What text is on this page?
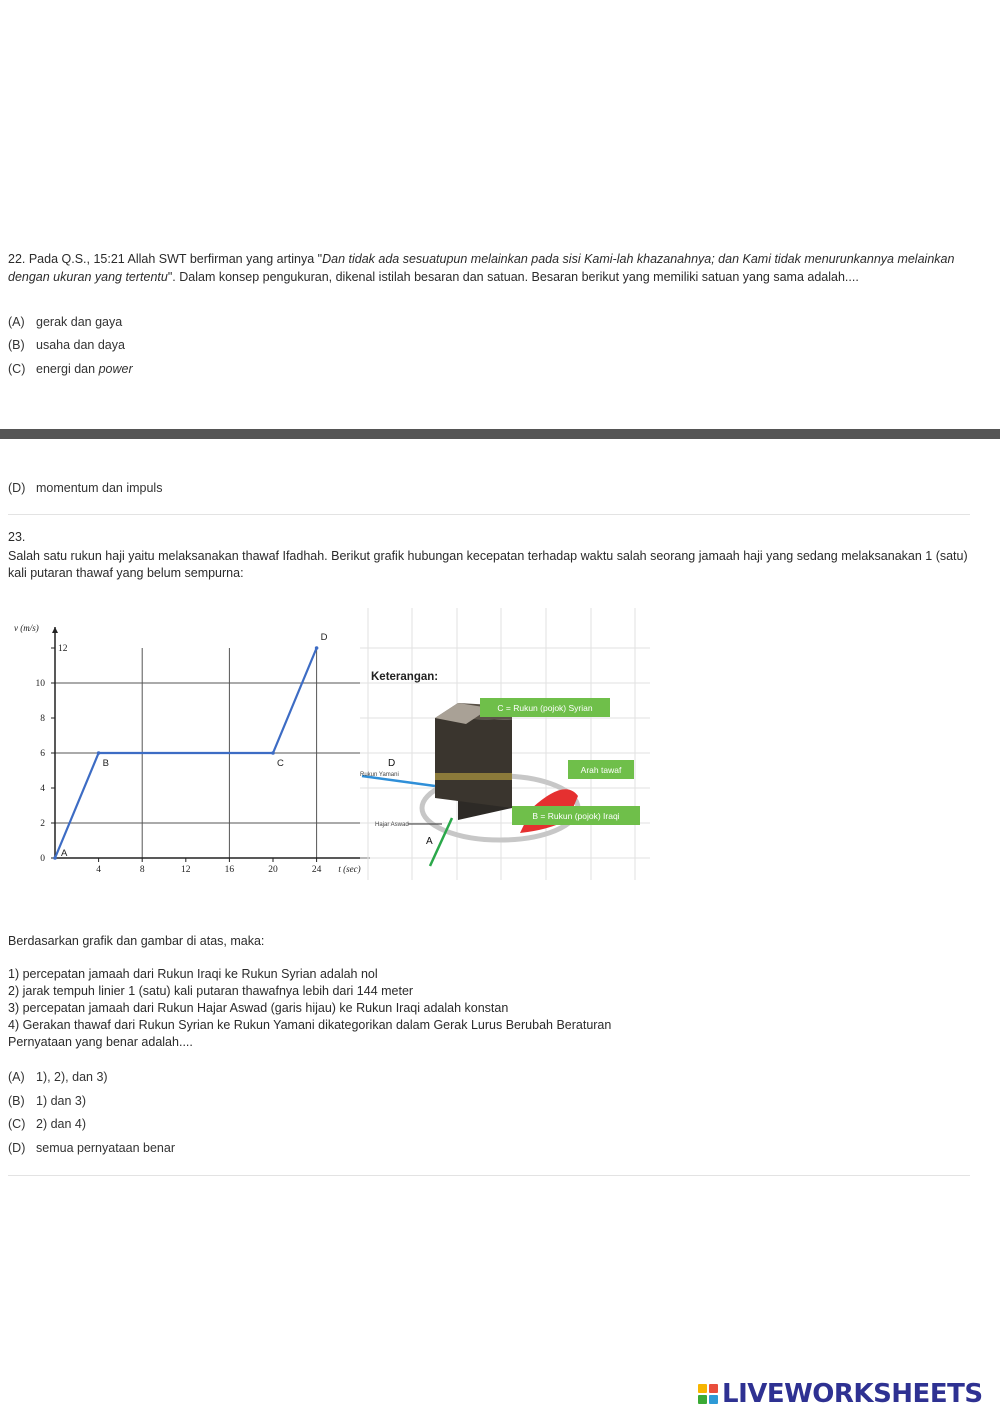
22. Pada Q.S., 15:21 Allah SWT berfirman yang artinya "Dan tidak ada sesuatupun melainkan pada sisi Kami-lah khazanahnya; dan Kami tidak menurunkannya melainkan dengan ukuran yang tertentu". Dalam konsep pengukuran, dikenal istilah besaran dan satuan. Besaran berikut yang memiliki satuan yang sama adalah....
(A) gerak dan gaya
(B) usaha dan daya
(C) energi dan power
(D) momentum dan impuls
23.
Salah satu rukun haji yaitu melaksanakan thawaf Ifadhah. Berikut grafik hubungan kecepatan terhadap waktu salah seorang jamaah haji yang sedang melaksanakan 1 (satu) kali putaran thawaf yang belum sempurna:
v (m/s)
t (sec)
0
2
4
6
8
10
12
4	8	12	16	20	24
A
B	C
D
Keterangan:
D
Rukun Yamani
Hajar Aswad
A
C = Rukun (pojok) Syrian
Arah tawaf
B = Rukun (pojok) Iraqi
Berdasarkan grafik dan gambar di atas, maka:
1) percepatan jamaah dari Rukun Iraqi ke Rukun Syrian adalah nol
2) jarak tempuh linier 1 (satu) kali putaran thawafnya lebih dari 144 meter
3) percepatan jamaah dari Rukun Hajar Aswad (garis hijau) ke Rukun Iraqi adalah konstan
4) Gerakan thawaf dari Rukun Syrian ke Rukun Yamani dikategorikan dalam Gerak Lurus Berubah Beraturan
Pernyataan yang benar adalah....
(A) 1), 2), dan 3)
(B) 1) dan 3)
(C) 2) dan 4)
(D) semua pernyataan benar
LIVEWORKSHEETS
